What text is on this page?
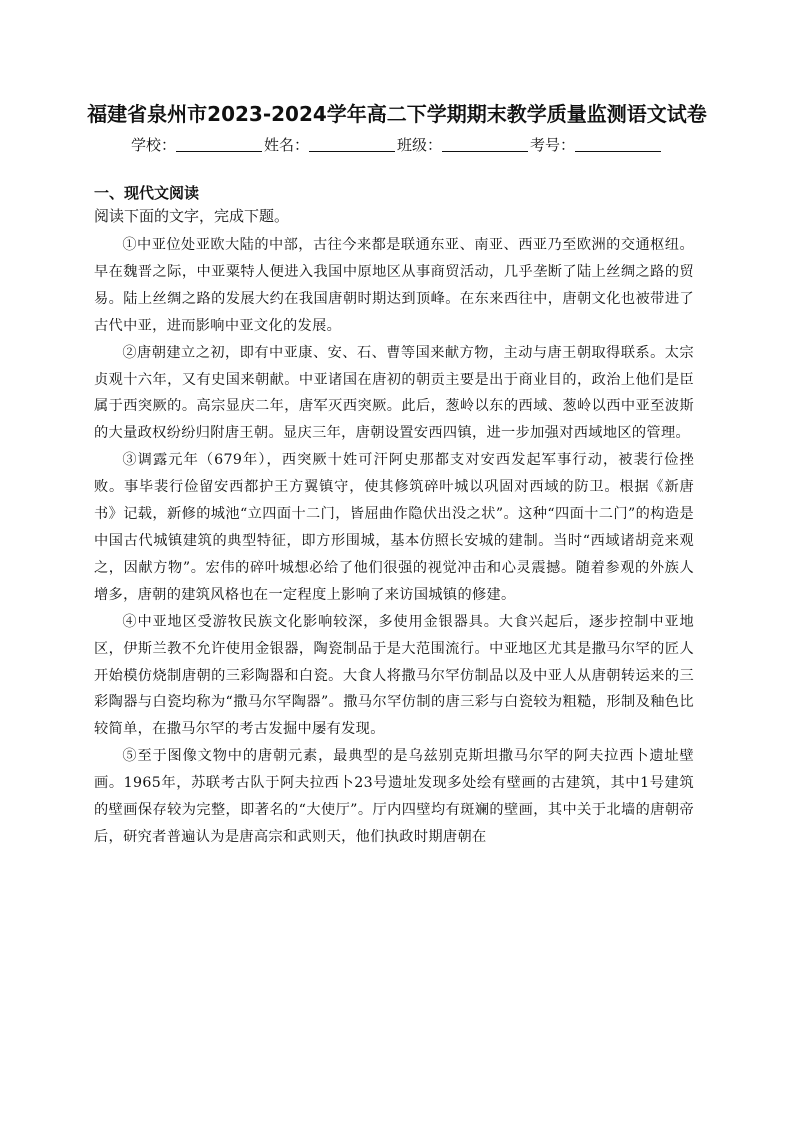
福建省泉州市2023-2024学年高二下学期期末教学质量监测语文试卷
学校：	姓名：	班级：	考号：
一、现代文阅读
阅读下面的文字，完成下题。

①中亚位处亚欧大陆的中部，古往今来都是联通东亚、南亚、西亚乃至欧洲的交通枢纽。早在魏晋之际，中亚粟特人便进入我国中原地区从事商贸活动，几乎垄断了陆上丝绸之路的贸易。陆上丝绸之路的发展大约在我国唐朝时期达到顶峰。在东来西往中，唐朝文化也被带进了古代中亚，进而影响中亚文化的发展。

②唐朝建立之初，即有中亚康、安、石、曹等国来献方物，主动与唐王朝取得联系。太宗贞观十六年，又有史国来朝献。中亚诸国在唐初的朝贡主要是出于商业目的，政治上他们是臣属于西突厥的。高宗显庆二年，唐军灭西突厥。此后，葱岭以东的西域、葱岭以西中亚至波斯的大量政权纷纷归附唐王朝。显庆三年，唐朝设置安西四镇，进一步加强对西域地区的管理。

③调露元年（679年），西突厥十姓可汗阿史那都支对安西发起军事行动，被裴行俭挫败。事毕裴行俭留安西都护王方翼镇守，使其修筑碎叶城以巩固对西域的防卫。根据《新唐书》记载，新修的城池“立四面十二门，皆屈曲作隐伏出没之状”。这种“四面十二门”的构造是中国古代城镇建筑的典型特征，即方形围城，基本仿照长安城的建制。当时“西域诸胡竞来观之，因献方物”。宏伟的碎叶城想必给了他们很强的视觉冲击和心灵震撼。随着参观的外族人增多，唐朝的建筑风格也在一定程度上影响了来访国城镇的修建。

④中亚地区受游牧民族文化影响较深，多使用金银器具。大食兴起后，逐步控制中亚地区，伊斯兰教不允许使用金银器，陶瓷制品于是大范围流行。中亚地区尤其是撒马尔罕的匠人开始模仿烧制唐朝的三彩陶器和白瓷。大食人将撒马尔罕仿制品以及中亚人从唐朝转运来的三彩陶器与白瓷均称为“撒马尔罕陶器”。撒马尔罕仿制的唐三彩与白瓷较为粗糙，形制及釉色比较简单，在撒马尔罕的考古发掘中屡有发现。

⑤至于图像文物中的唐朝元素，最典型的是乌兹别克斯坦撒马尔罕的阿夫拉西卜遗址壁画。1965年，苏联考古队于阿夫拉西卜23号遗址发现多处绘有壁画的古建筑，其中1号建筑的壁画保存较为完整，即著名的“大使厅”。厅内四壁均有斑斓的壁画，其中关于北墙的唐朝帝后，研究者普遍认为是唐高宗和武则天，他们执政时期唐朝在
